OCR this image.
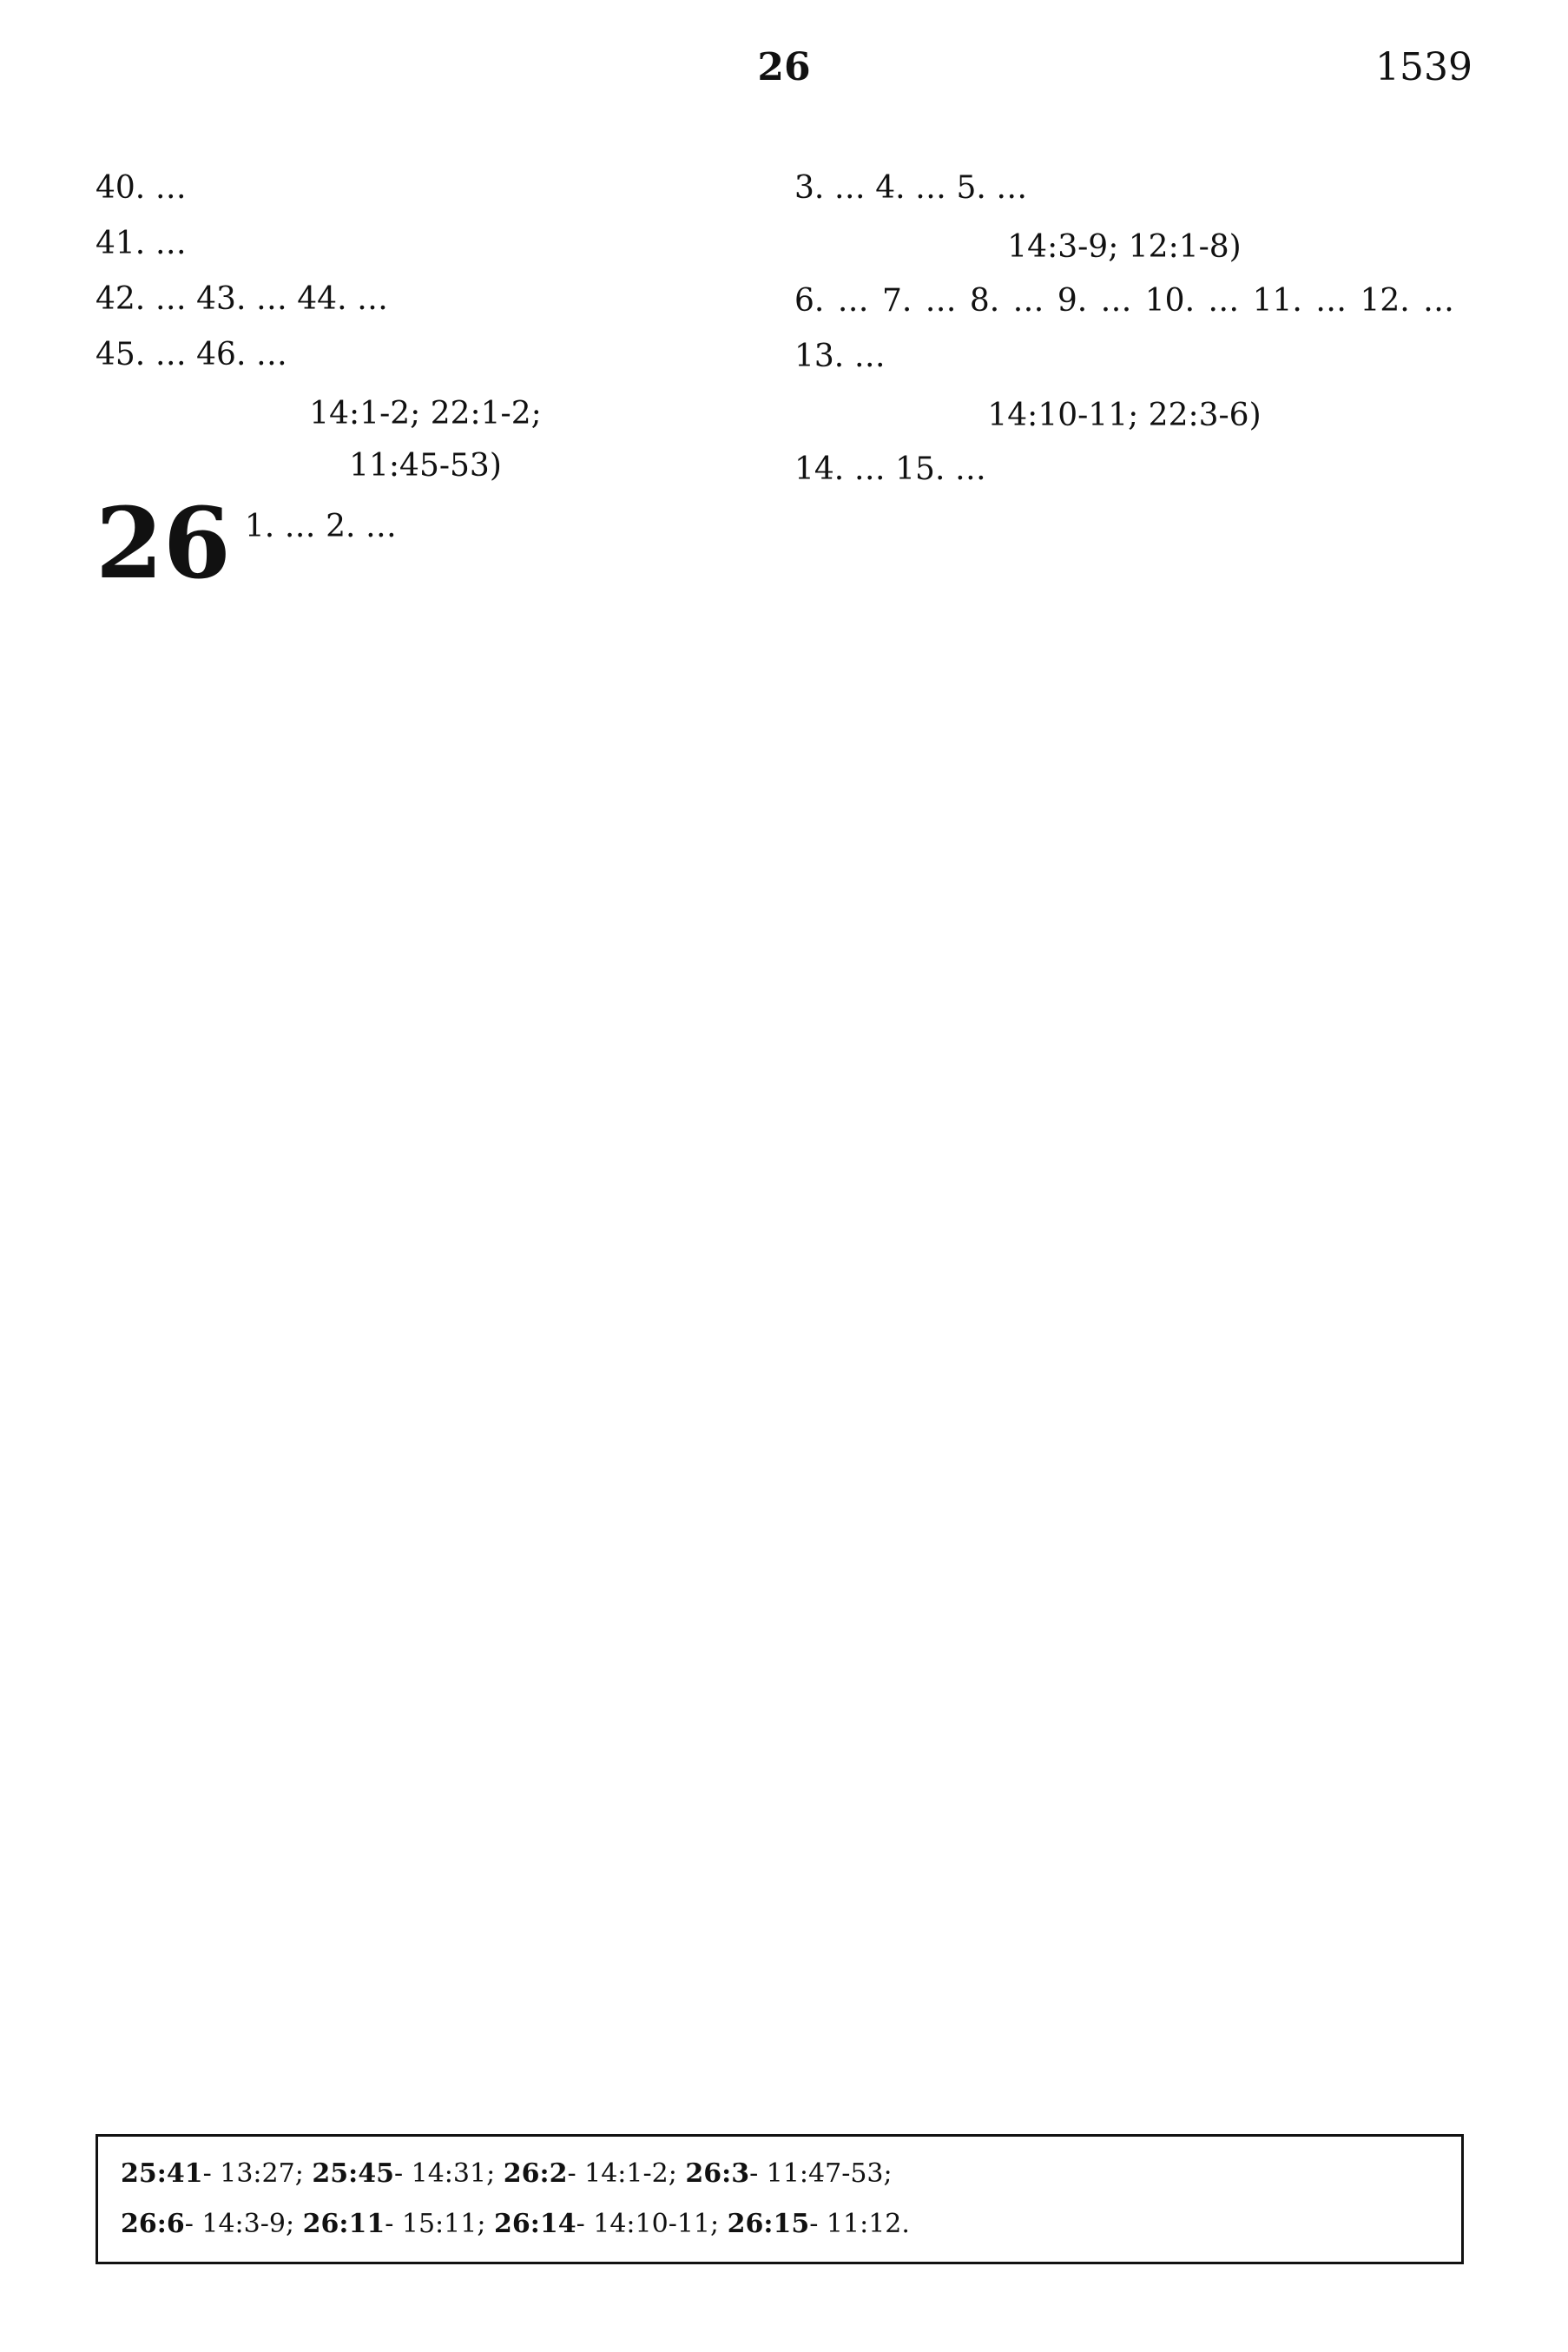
26	1539

40. …

41. …

42. … 43. … 44. …

45. … 46. …

14:1-2; 22:1-2;
11:45-53)
26 1. … 2. …

3. … 4. … 5. …

14:3-9; 12:1-8)

6. … 7. … 8. … 9. … 10. … 11. … 12. … 13. …

14:10-11; 22:3-6)

14. … 15. …

25:41- 13:27; 25:45- 14:31; 26:2- 14:1-2; 26:3- 11:47-53;
26:6- 14:3-9; 26:11- 15:11; 26:14- 14:10-11; 26:15- 11:12.
